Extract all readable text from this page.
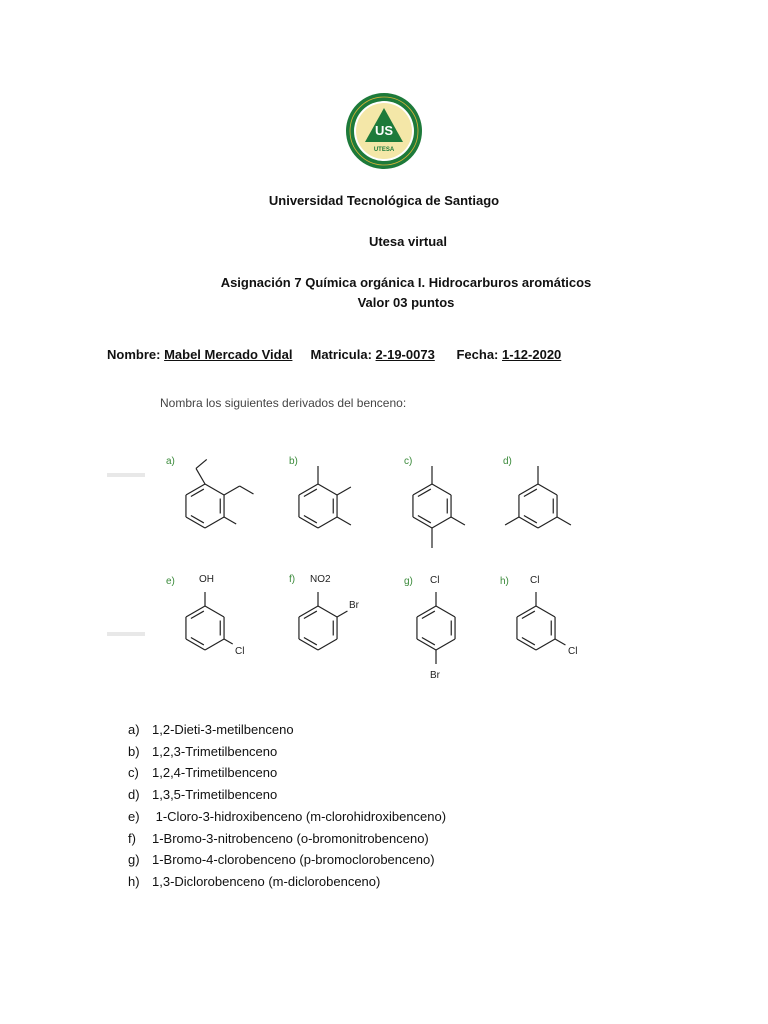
US
UTESA
Universidad Tecnológica de Santiago
Utesa virtual
Asignación 7 Química orgánica I. Hidrocarburos aromáticos
Valor 03 puntos
Nombre: Mabel Mercado Vidal Matricula: 2-19-0073 Fecha: 1-12-2020
Nombra los siguientes derivados del benceno:
a)	b)	c)	d)
e) OH
Cl
f) NO2
Br
g) Cl
Br
h) Cl
Cl
a) 1,2-Dieti-3-metilbenceno
b) 1,2,3-Trimetilbenceno
c) 1,2,4-Trimetilbenceno
d) 1,3,5-Trimetilbenceno
e) 1-Cloro-3-hidroxibenceno (m-clorohidroxibenceno)
f) 1-Bromo-3-nitrobenceno (o-bromonitrobenceno)
g) 1-Bromo-4-clorobenceno (p-bromoclorobenceno)
h) 1,3-Diclorobenceno (m-diclorobenceno)
